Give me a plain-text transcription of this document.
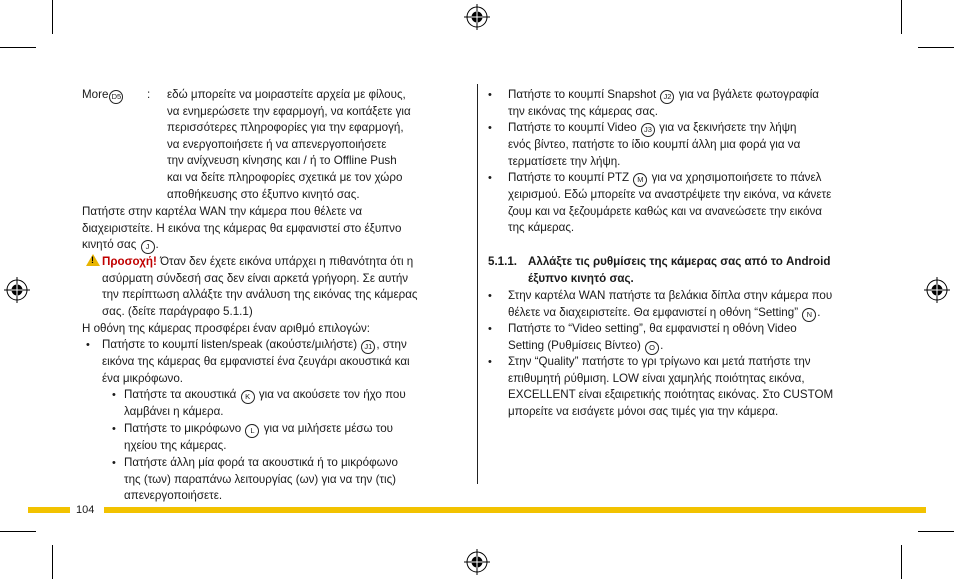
More D5 : εδώ μπορείτε να μοιραστείτε αρχεία με φίλους,
να ενημερώσετε την εφαρμογή, να κοιτάξετε για
περισσότερες πληροφορίες για την εφαρμογή,
να ενεργοποιήσετε ή να απενεργοποιήσετε
την ανίχνευση κίνησης και / ή το Offline Push
και να δείτε πληροφορίες σχετικά με τον χώρο
αποθήκευσης στο έξυπνο κινητό σας.
Πατήστε στην καρτέλα WAN την κάμερα που θέλετε να
διαχειριστείτε. Η εικόνα της κάμερας θα εμφανιστεί στο έξυπνο
κινητό σας J .
! Προσοχή! Όταν δεν έχετε εικόνα υπάρχει η πιθανότητα ότι η
ασύρματη σύνδεσή σας δεν είναι αρκετά γρήγορη. Σε αυτήν
την περίπτωση αλλάξτε την ανάλυση της εικόνας της κάμερας
σας. (δείτε παράγραφο 5.1.1)
Η οθόνη της κάμερας προσφέρει έναν αριθμό επιλογών:
• Πατήστε το κουμπί listen/speak (ακούστε/μιλήστε) J1 , στην
εικόνα της κάμερας θα εμφανιστεί ένα ζευγάρι ακουστικά και
ένα μικρόφωνο.
• Πατήστε τα ακουστικά K για να ακούσετε τον ήχο που
λαμβάνει η κάμερα.
• Πατήστε το μικρόφωνο L για να μιλήσετε μέσω του
ηχείου της κάμερας.
• Πατήστε άλλη μία φορά τα ακουστικά ή το μικρόφωνο
της (των) παραπάνω λειτουργίας (ων) για να την (τις)
απενεργοποιήσετε.
• Πατήστε το κουμπί Snapshot J2 για να βγάλετε φωτογραφία
την εικόνας της κάμερας σας.
• Πατήστε το κουμπί Video J3 για να ξεκινήσετε την λήψη
ενός βίντεο, πατήστε το ίδιο κουμπί άλλη μια φορά για να
τερματίσετε την λήψη.
• Πατήστε το κουμπί PTZ M για να χρησιμοποιήσετε το πάνελ
χειρισμού. Εδώ μπορείτε να αναστρέψετε την εικόνα, να κάνετε
ζουμ και να ξεζουμάρετε καθώς και να ανανεώσετε την εικόνα
της κάμερας.
5.1.1. Αλλάξτε τις ρυθμίσεις της κάμερας σας από το Android
έξυπνο κινητό σας.
• Στην καρτέλα WAN πατήστε τα βελάκια δίπλα στην κάμερα που
θέλετε να διαχειριστείτε. Θα εμφανιστεί η οθόνη “Setting” N .
• Πατήστε το “Video setting”, θα εμφανιστεί η οθόνη Video
Setting (Ρυθμίσεις Βίντεο) O .
• Στην “Quality” πατήστε το γρι τρίγωνο και μετά πατήστε την
επιθυμητή ρύθμιση. LOW είναι χαμηλής ποιότητας εικόνα,
EXCELLENT είναι εξαιρετικής ποιότητας εικόνας. Στο CUSTOM
μπορείτε να εισάγετε μόνοι σας τιμές για την κάμερα.
104
